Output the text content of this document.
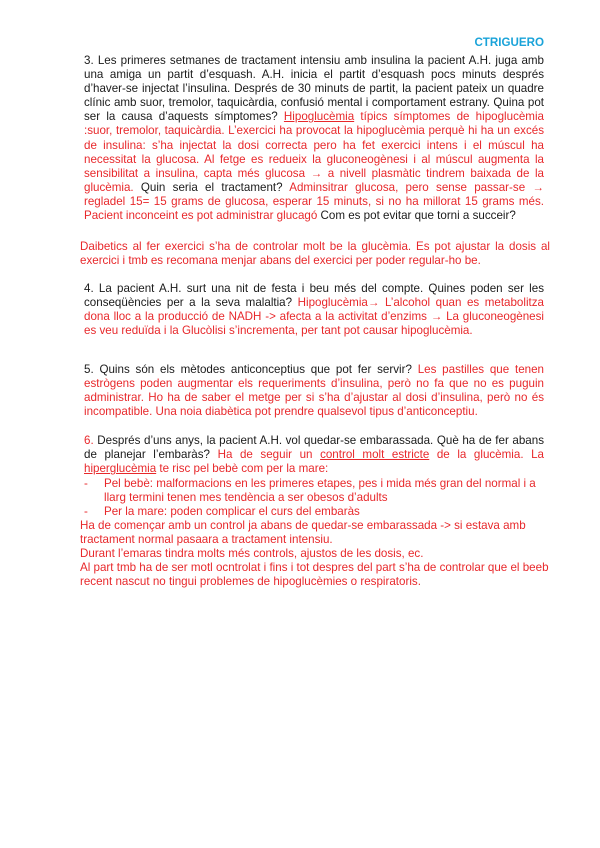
CTRIGUERO
3. Les primeres setmanes de tractament intensiu amb insulina la pacient A.H. juga amb una amiga un partit d’esquash. A.H. inicia el partit d’esquash pocs minuts després d’haver-se injectat l’insulina. Després de 30 minuts de partit, la pacient pateix un quadre clínic amb suor, tremolor, taquicàrdia, confusió mental i comportament estrany. Quina pot ser la causa d’aquests símptomes? Hipoglucèmia típics símptomes de hipoglucèmia :suor, tremolor, taquicàrdia. L’exercici ha provocat la hipoglucèmia perquè hi ha un excés de insulina: s’ha injectat la dosi correcta pero ha fet exercici intens i el múscul ha necessitat la glucosa. Al fetge es redueix la gluconeogènesi i al múscul augmenta la sensibilitat a insulina, capta més glucosa → a nivell plasmàtic tindrem baixada de la glucèmia. Quin seria el tractament? Adminsitrar glucosa, pero sense passar-se → regladel 15= 15 grams de glucosa, esperar 15 minuts, si no ha millorat 15 grams més. Pacient inconceint es pot administrar glucagó Com es pot evitar que torni a succeir?
Daibetics al fer exercici s’ha de controlar molt be la glucèmia. Es pot ajustar la dosis al exercici i tmb es recomana menjar abans del exercici per poder regular-ho be.
4. La pacient A.H. surt una nit de festa i beu més del compte. Quines poden ser les conseqüències per a la seva malaltia? Hipoglucèmia→ L’alcohol quan es metabolitza dona lloc a la producció de NADH -> afecta a la activitat d’enzims → La gluconeogènesi es veu reduïda i la Glucòlisi s’incrementa, per tant pot causar hipoglucèmia.
5. Quins són els mètodes anticonceptius que pot fer servir? Les pastilles que tenen estrògens poden augmentar els requeriments d’insulina, però no fa que no es puguin administrar. Ho ha de saber el metge per si s’ha d’ajustar al dosi d’insulina, però no és incompatible. Una noia diabètica pot prendre qualsevol tipus d’anticonceptiu.
6. Després d’uns anys, la pacient A.H. vol quedar-se embarassada. Què ha de fer abans de planejar l’embaràs? Ha de seguir un control molt estricte de la glucèmia. La hiperglucèmia te risc pel bebè com per la mare:
- Pel bebè: malformacions en les primeres etapes, pes i mida més gran del normal i a llarg termini tenen mes tendència a ser obesos d’adults
- Per la mare: poden complicar el curs del embaràs
Ha de començar amb un control ja abans de quedar-se embarassada -> si estava amb tractament normal pasaara a tractament intensiu.
Durant l’emaras tindra molts més controls, ajustos de les dosis, ec.
Al part tmb ha de ser motl ocntrolat i fins i tot despres del part s’ha de controlar que el beeb recent nascut no tingui problemes de hipoglucèmies o respiratoris.
